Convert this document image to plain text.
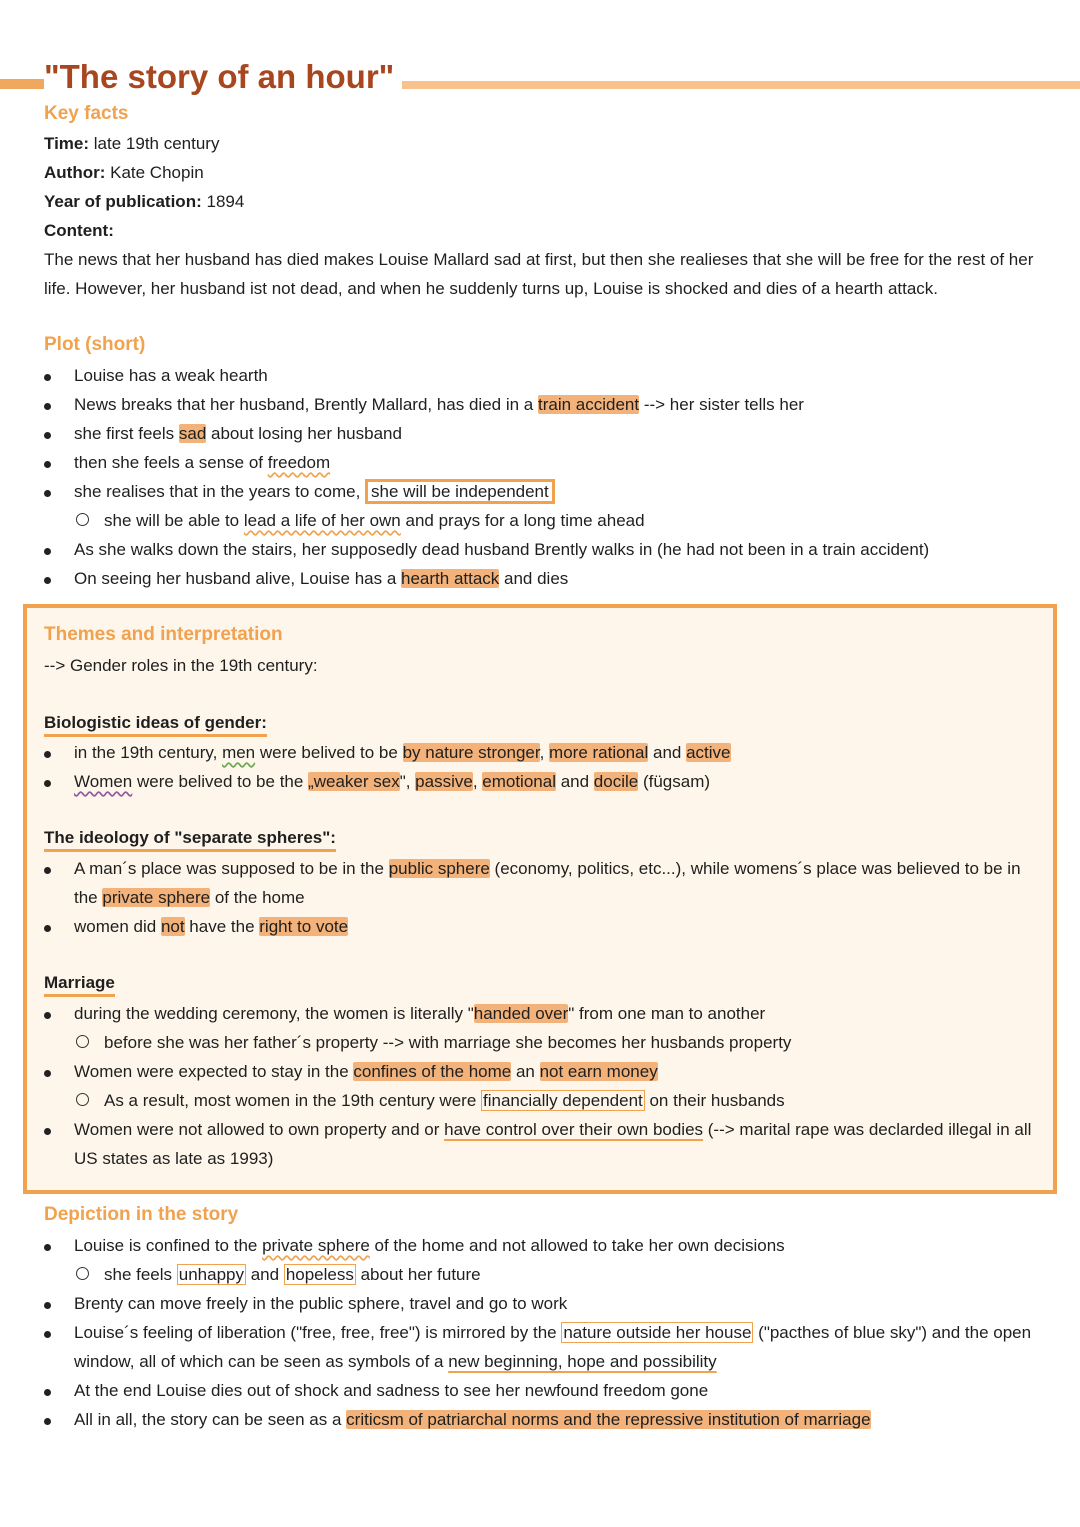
"The story of an hour"
Key facts
Time: late 19th century
Author: Kate Chopin
Year of publication: 1894
Content:
The news that her husband has died makes Louise Mallard sad at first, but then she realieses that she will be free for the rest of her life. However, her husband ist not dead, and when he suddenly turns up, Louise is shocked and dies of a hearth attack.
Plot (short)
Louise has a weak hearth
News breaks that her husband, Brently Mallard, has died in a train accident --> her sister tells her
she first feels sad about losing her husband
then she feels a sense of freedom
she realises that in the years to come, she will be independent
she will be able to lead a life of her own and prays for a long time ahead
As she walks down the stairs, her supposedly dead husband Brently walks in (he had not been in a train accident)
On seeing her husband alive, Louise has a hearth attack and dies
Themes and interpretation
--> Gender roles in the 19th century:
Biologistic ideas of gender:
in the 19th century, men were belived to be by nature stronger, more rational and active
Women were belived to be the „weaker sex", passive, emotional and docile (fügsam)
The ideology of "separate spheres":
A man´s place was supposed to be in the public sphere (economy, politics, etc...), while womens´s place was believed to be in the private sphere of the home
women did not have the right to vote
Marriage
during the wedding ceremony, the women is literally "handed over" from one man to another
before she was her father´s property --> with marriage she becomes her husbands property
Women were expected to stay in the confines of the home an not earn money
As a result, most women in the 19th century were financially dependent on their husbands
Women were not allowed to own property and or have control over their own bodies (--> marital rape was declarded illegal in all US states as late as 1993)
Depiction in the story
Louise is confined to the private sphere of the home and not allowed to take her own decisions
she feels unhappy and hopeless about her future
Brenty can move freely in the public sphere, travel and go to work
Louise´s feeling of liberation ("free, free, free") is mirrored by the nature outside her house ("pacthes of blue sky") and the open window, all of which can be seen as symbols of a new beginning, hope and possibility
At the end Louise dies out of shock and sadness to see her newfound freedom gone
All in all, the story can be seen as a criticsm of patriarchal norms and the repressive institution of marriage
